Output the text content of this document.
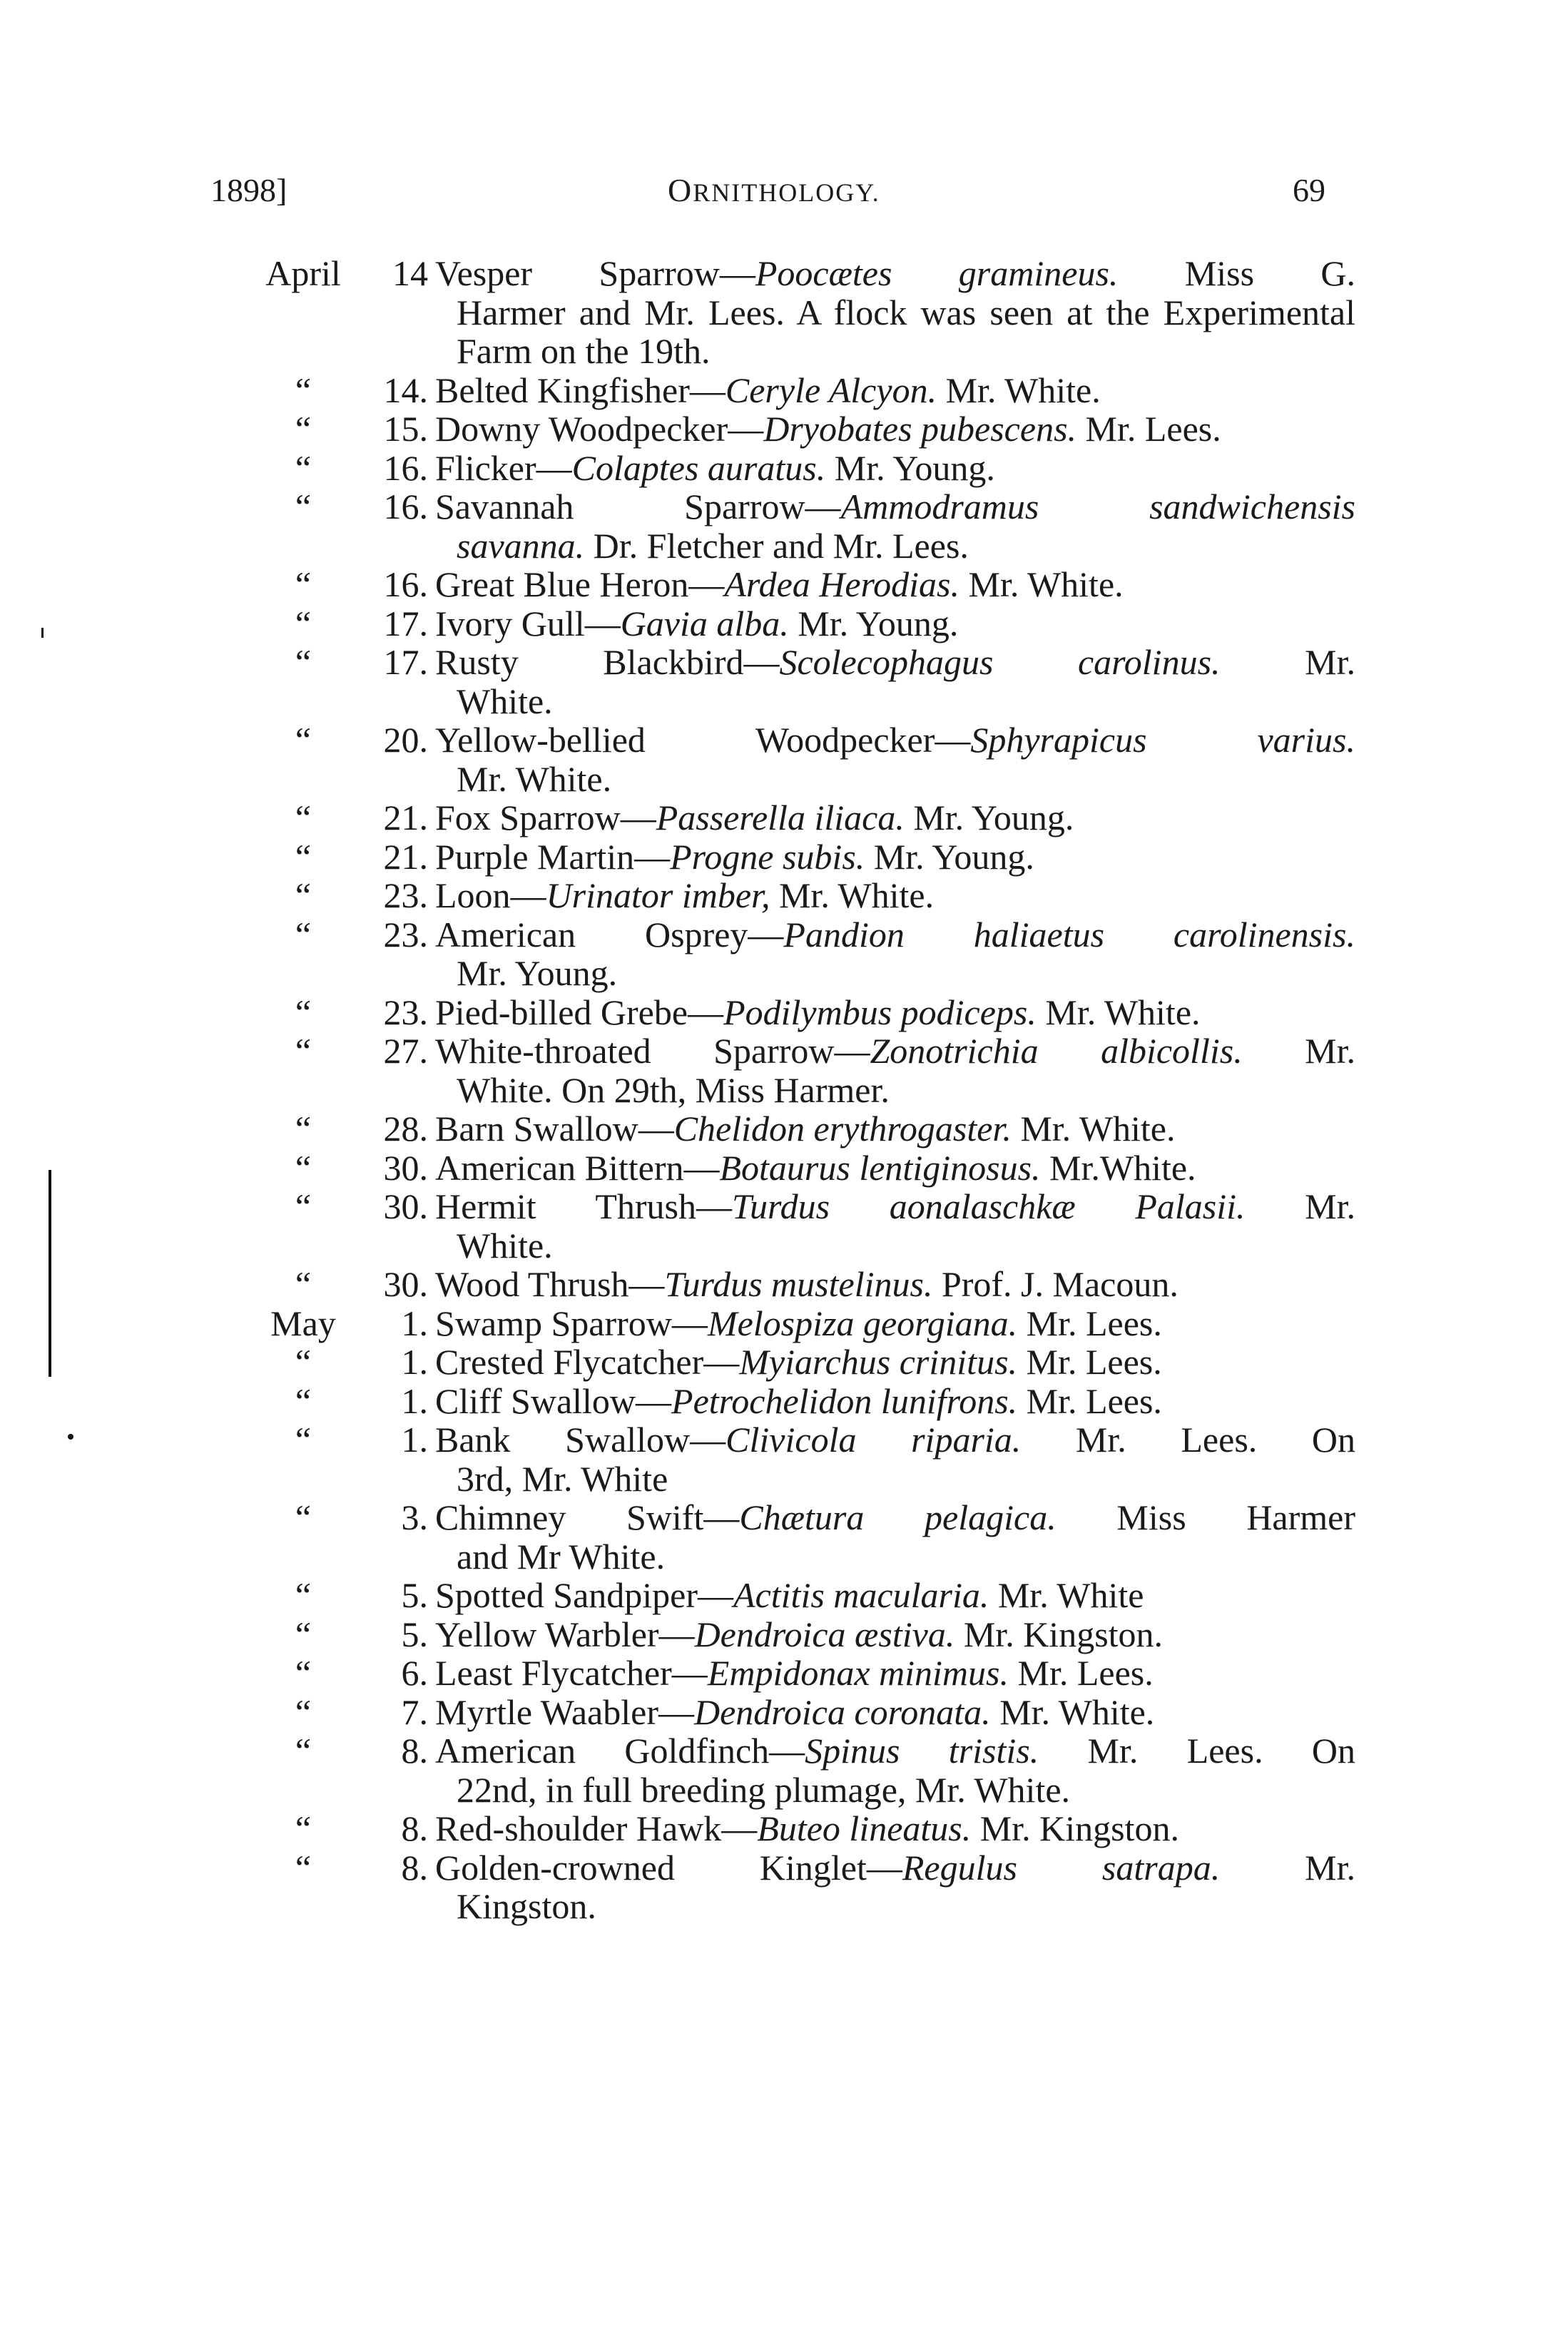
1898]	ORNITHOLOGY.	69
April	14 Vesper Sparrow—Poocætes gramineus. Miss G.
Harmer and Mr. Lees. A flock was seen at the Experimental Farm on the 19th.
“	14. Belted Kingfisher—Ceryle Alcyon. Mr. White.
“	15. Downy Woodpecker—Dryobates pubescens. Mr. Lees.
“	16. Flicker—Colaptes auratus. Mr. Young.
“	16. Savannah Sparrow—Ammodramus sandwichensis
savanna. Dr. Fletcher and Mr. Lees.
“	16. Great Blue Heron—Ardea Herodias. Mr. White.
“	17. Ivory Gull—Gavia alba. Mr. Young.
“	17. Rusty Blackbird—Scolecophagus carolinus. Mr.
White.
“	20. Yellow-bellied Woodpecker—Sphyrapicus varius.
Mr. White.
“	21. Fox Sparrow—Passerella iliaca. Mr. Young.
“	21. Purple Martin—Progne subis. Mr. Young.
“	23. Loon—Urinator imber, Mr. White.
“	23. American Osprey—Pandion haliaetus carolinensis.
Mr. Young.
“	23. Pied-billed Grebe—Podilymbus podiceps. Mr. White.
“	27. White-throated Sparrow—Zonotrichia albicollis. Mr.
White. On 29th, Miss Harmer.
“	28. Barn Swallow—Chelidon erythrogaster. Mr. White.
“	30. American Bittern—Botaurus lentiginosus. Mr.White.
“	30. Hermit Thrush—Turdus aonalaschkæ Palasii. Mr.
White.
“	30. Wood Thrush—Turdus mustelinus. Prof. J. Macoun.
May	1. Swamp Sparrow—Melospiza georgiana. Mr. Lees.
“	1. Crested Flycatcher—Myiarchus crinitus. Mr. Lees.
“	1. Cliff Swallow—Petrochelidon lunifrons. Mr. Lees.
“	1. Bank Swallow—Clivicola riparia. Mr. Lees. On
3rd, Mr. White
“	3. Chimney Swift—Chætura pelagica. Miss Harmer
and Mr White.
“	5. Spotted Sandpiper—Actitis macularia. Mr. White
“	5. Yellow Warbler—Dendroica æstiva. Mr. Kingston.
“	6. Least Flycatcher—Empidonax minimus. Mr. Lees.
“	7. Myrtle Waabler—Dendroica coronata. Mr. White.
“	8. American Goldfinch—Spinus tristis. Mr. Lees. On
22nd, in full breeding plumage, Mr. White.
“	8. Red-shoulder Hawk—Buteo lineatus. Mr. Kingston.
“	8. Golden-crowned Kinglet—Regulus satrapa. Mr.
Kingston.
